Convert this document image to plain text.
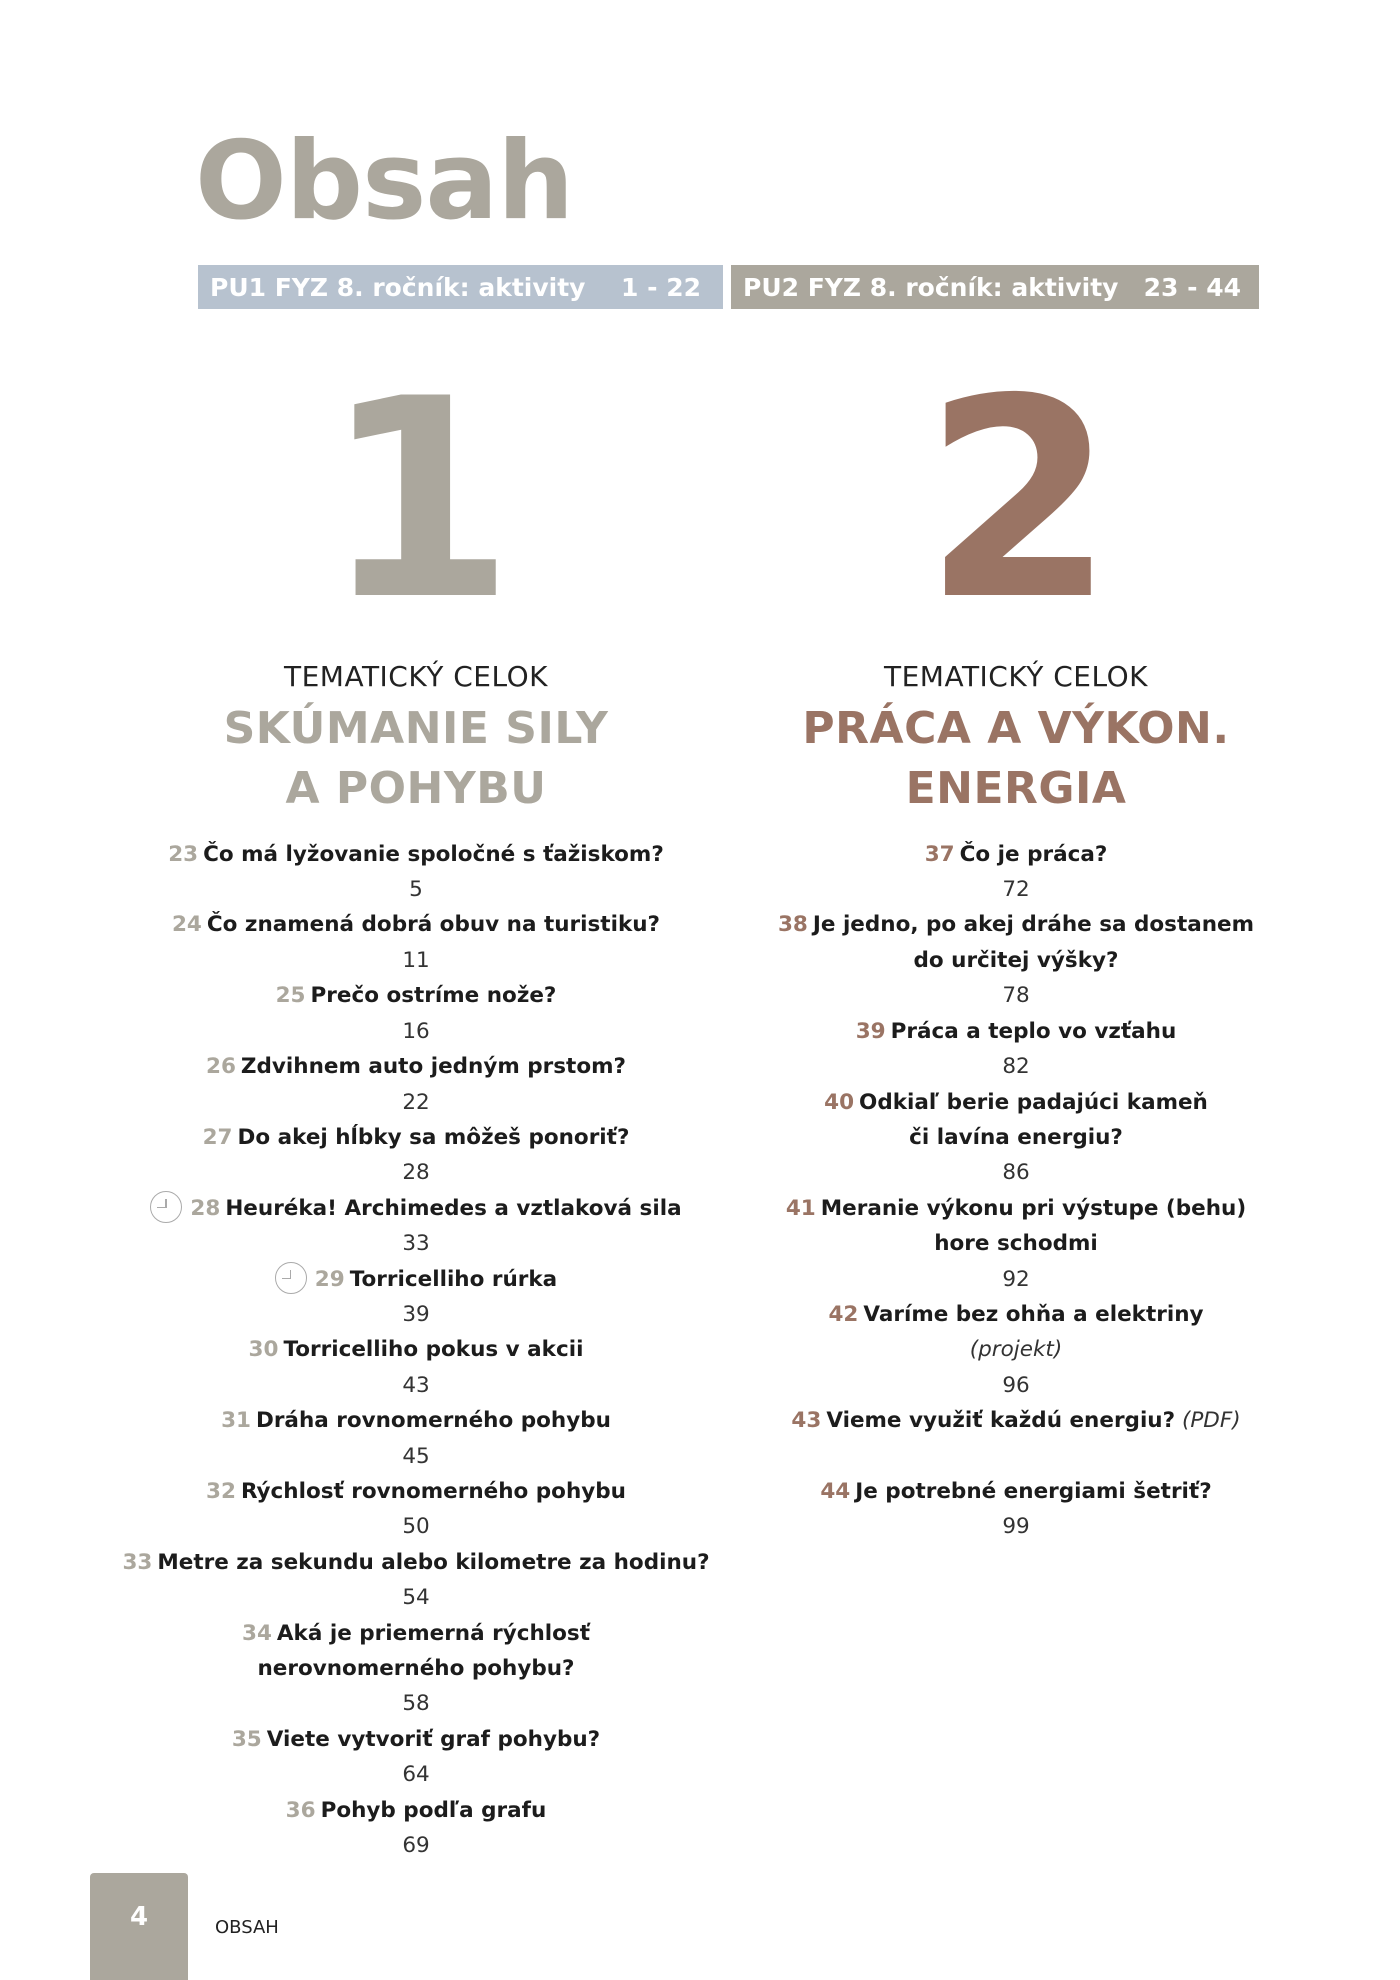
Obsah
PU1 FYZ 8. ročník: aktivity 1 - 22 PU2 FYZ 8. ročník: aktivity 23 - 44
1
TEMATICKÝ CELOK
SKÚMANIE SILY
A POHYBU
23 Čo má lyžovanie spoločné s ťažiskom?
5
24 Čo znamená dobrá obuv na turistiku?
11
25 Prečo ostríme nože?
16
26 Zdvihnem auto jedným prstom?
22
27 Do akej hĺbky sa môžeš ponoriť?
28
28 Heuréka! Archimedes a vztlaková sila
33
29 Torricelliho rúrka
39
30 Torricelliho pokus v akcii
43
31 Dráha rovnomerného pohybu
45
32 Rýchlosť rovnomerného pohybu
50
33 Metre za sekundu alebo kilometre za hodinu?
54
34 Aká je priemerná rýchlosť
nerovnomerného pohybu?
58
35 Viete vytvoriť graf pohybu?
64
36 Pohyb podľa grafu
69
2
TEMATICKÝ CELOK
PRÁCA A VÝKON.
ENERGIA
37 Čo je práca?
72
38 Je jedno, po akej dráhe sa dostanem
do určitej výšky?
78
39 Práca a teplo vo vzťahu
82
40 Odkiaľ berie padajúci kameň
či lavína energiu?
86
41 Meranie výkonu pri výstupe (behu)
hore schodmi
92
42 Varíme bez ohňa a elektriny
(projekt)
96
43 Vieme využiť každú energiu? (PDF)
44 Je potrebné energiami šetriť?
99
4	OBSAH
